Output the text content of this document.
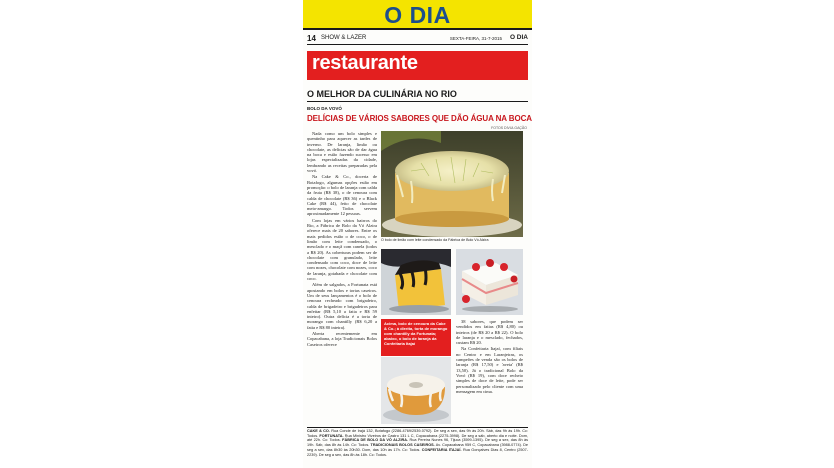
O DIA
14 SHOW & LAZER	SEXTA-FEIRA, 31-7-2015 O DIA
restaurante
O MELHOR DA CULINÁRIA NO RIO
BOLO DA VOVÓ
DELÍCIAS DE VÁRIOS SABORES QUE DÃO ÁGUA NA BOCA
FOTOS DIVULGAÇÃO

Nada como um bolo simples e quentinho para aquecer as tardes de inverno. De laranja, limão ou chocolate, as delícias são de dar água na boca e estão fazendo sucesso em lojas especializadas da cidade, lembrando as receitas preparadas pela vovó.

Na Cake & Co., doceria de Botafogo, algumas opções estão em promoção: o bolo de laranja com calda da fruta (R$ 38), o de cenoura com calda de chocolate (R$ 36) e o Black Cake (R$ 44), feito de chocolate meio-amargo. Todos servem aproximadamente 12 pessoas.

Com lojas em vários bairros do Rio, a Fábrica de Bolo da Vó Alzira oferece mais de 20 sabores. Entre os mais pedidos estão o de coco, o de limão com leite condensado, o mesclado e o maçã com canela (todos a R$ 20). As coberturas podem ser de chocolate com granulado, leite condensado com coco, doce de leite com nozes, chocolate com nozes, coco de laranja, goiabada e chocolate com coco.

Além de salgados, a Fortunata está apostando em bolos e tortas caseiros. Um de seus lançamentos é o bolo de cenoura recheado com brigadeiro, calda de brigadeiro e brigadeiros para enfeitar (R$ 5,10 a fatia e R$ 59 inteiro). Outra delícia é a torta de morango com chantilly (R$ 6,20 a fatia e R$ 80 inteira).

Aberta recentemente em Copacabana, a loja Tradicionais Bolos Caseiros oferece

O bolo de limão com leite condensado da Fábrica de Bolo Vó Alzira
Acima, bolo de cenoura da Cake & Co.; à direita, torta de morango com chantilly da Fortunata; abaixo, o bolo de laranja da Confeitaria Itajaí

38 sabores, que podem ser vendidos em fatias (R$ 4,80) ou inteiros (de R$ 20 a R$ 22). O bolo de laranja e o mesclado, fechados, custam R$ 20.

Na Confeitaria Itajaí, com filiais no Centro e em Laranjeiras, os campeões de venda são os bolos de laranja (R$ 17,50) e 'aveia' (R$ 13,50). Já o tradicional Bolo da Vovó (R$ 19), com doce recheio simples de doce de leite, pode ser personalizado pelo cliente com uma mensagem em cima.

CAKE & CO. Rua Conde de Irajá 132, Botafogo (2286-4769/2539-0792). De seg a sex, das 9h às 20h. Sáb, das 9h às 19h. Cc: Todos. FORTUNATA. Rua Ministro Viveiros de Castro 131 L C, Copacabana (2275-3998). De seg a sáb, aberto dia e noite. Dom, até 22h. Cc: Todos. FÁBRICA DE BOLO DA VÓ ALZIRA. Rua Pereira Nunes 96, Tijuca (3599-1395). De seg a sex, das 8h às 19h. Sáb, das 8h às 14h. Cc: Todos. TRADICIONAIS BOLOS CASEIROS. Av. Copacabana 959 C, Copacabana (3988-0774). De seg a sex, das 8h30 às 20h30. Dom, das 10h às 17h. Cc: Todos. CONFEITARIA ITAJAÍ. Rua Gonçalves Dias 8, Centro (2507-2239). De seg a sex, das 8h às 18h. Cc: Todos.
